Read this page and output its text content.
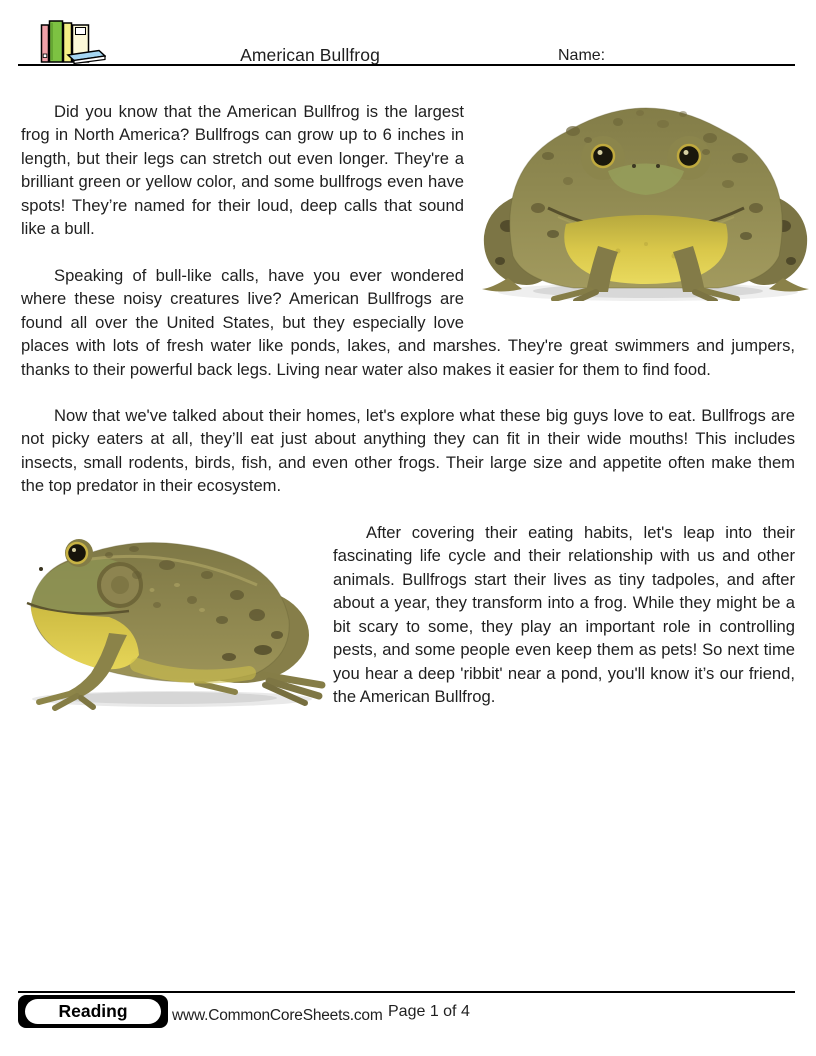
American Bullfrog	Name:

Did you know that the American Bullfrog is the largest frog in North America? Bullfrogs can grow up to 6 inches in length, but their legs can stretch out even longer. They're a brilliant green or yellow color, and some bullfrogs even have spots! They’re named for their loud, deep calls that sound like a bull.

Speaking of bull-like calls, have you ever wondered where these noisy creatures live? American Bullfrogs are found all over the United States, but they especially love places with lots of fresh water like ponds, lakes, and marshes. They're great swimmers and jumpers, thanks to their powerful back legs. Living near water also makes it easier for them to find food.

Now that we've talked about their homes, let's explore what these big guys love to eat. Bullfrogs are not picky eaters at all, they’ll eat just about anything they can fit in their wide mouths! This includes insects, small rodents, birds, fish, and even other frogs. Their large size and appetite often make them the top predator in their ecosystem.

After covering their eating habits, let's leap into their fascinating life cycle and their relationship with us and other animals. Bullfrogs start their lives as tiny tadpoles, and after about a year, they transform into a frog. While they might be a bit scary to some, they play an important role in controlling pests, and some people even keep them as pets! So next time you hear a deep 'ribbit' near a pond, you'll know it’s our friend, the American Bullfrog.

Reading	www.CommonCoreSheets.com Page 1 of 4
